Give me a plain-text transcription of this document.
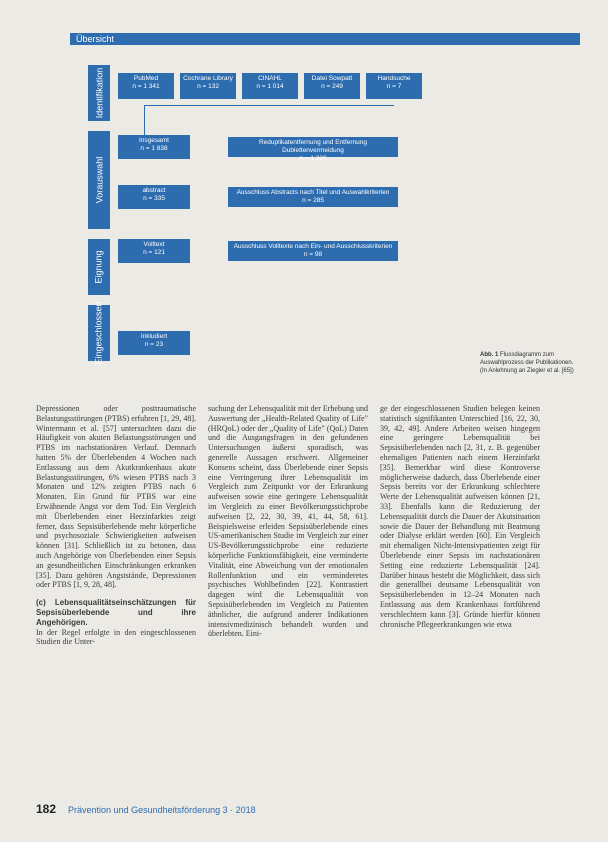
Übersicht
Identifikation
Vorauswahl
Eignung
Eingeschlossen
PubMed
n = 1 341
Cochrane Library
n = 132
CINAHL
n = 1 014
Datei Sowpatt
n = 249
Handsuche
n = 7
Insgesamt
n = 1 838
Reduplikatentfernung und Entfernung Dublettenvermeidung
n = 1 220
abstract
n = 335
Ausschluss Abstracts nach Titel und Auswahlkriterien
n = 285
Volltext
n = 121
Ausschluss Volltexte nach Ein- und Ausschlusskriterien
n = 98
Inkludiert
n = 23
Abb. 1 Flussdiagramm zum Auswahlprozess der Publikationen. (In Anlehnung an Ziegler et al. [65])

Depressionen oder posttraumatische Belastungsstörungen (PTBS) erfuhren [1, 29, 48]. Wintermann et al. [57] untersuchten dazu die Häufigkeit von akuten Belastungsstörungen und PTBS im nachstationären Verlauf. Demnach hatten 5% der Überlebenden 4 Wochen nach Entlassung aus dem Akutkrankenhaus akute Belastungsstörungen, 6% wiesen PTBS nach 3 Monaten und 12% zeigten PTBS nach 6 Monaten. Ein Grund für PTBS war eine Erwähnende Angst vor dem Tod. Ein Vergleich mit Überlebenden einer Herzinfarktes zeigt ferner, dass Sepsisüberlebende mehr körperliche und psychosoziale Schwierigkeiten aufweisen können [31]. Schließlich ist zu betonen, dass auch Angehörige von Überlebenden einer Sepsis an gesundheitlichen Einschränkungen erkranken [35]. Dazu gehören Angststände, Depressionen oder PTBS [1, 9, 28, 48].

(c) Lebensqualitätseinschätzungen für Sepsisüberlebende und ihre Angehörigen.

In der Regel erfolgte in den eingeschlossenen Studien die Unter-

suchung der Lebensqualität mit der Erhebung und Auswertung der „Health-Related Quality of Life" (HRQoL) oder der „Quality of Life" (QoL) Daten und die Ausgangsfragen in den gefundenen Untersuchungen äußerst sporadisch, was generelle Aussagen erschwert. Allgemeiner Konsens scheint, dass Überlebende einer Sepsis eine Verringerung ihrer Lebensqualität im Vergleich zum Zeitpunkt vor der Erkrankung aufweisen sowie eine geringere Lebensqualität im Vergleich zu einer Bevölkerungsstichprobe aufweisen [2, 22, 30, 39, 41, 44, 58, 61]. Beispielsweise erleiden Sepsisüberlebende eines US-amerikanischen Studie im Vergleich zur einer US-Bevölkerungsstichprobe eine reduzierte körperliche Funktionsfähigkeit, eine verminderte Vitalität, eine Abweichung von der emotionalen Rollenfunktion und ein verminderetes psychisches Wohlbefinden [22]. Kontrastiert dagegen wird die Lebensqualität von Sepsisüberlebenden im Vergleich zu Patienten äthnlicher, die aufgrund anderer Indikationen intensivmedizinisch behandelt wurden und überlebten. Eini-

ge der eingeschlossenen Studien belegen keinen statistisch signifikanten Unterschied [16, 22, 30, 39, 42, 49]. Andere Arbeiten weisen hingegen eine geringere Lebensqualität bei Sepsisüberlebenden nach [2, 31, z. B. gegenüber ehemaligen Patienten nach einem Herzinfarkt [35]. Bemerkbar wird diese Kontroverse möglicherweise dadurch, dass Überlebende einer Sepsis bereits vor der Erkrankung schlechtere Werte der Lebensqualität aufweisen können [21, 33]. Ebenfalls kann die Reduzierung der Lebensqualität durch die Dauer der Akutsituation sowie die Dauer der Behandlung mit Beatmung oder Dialyse erklärt werden [60]. Ein Vergleich mit ehemaligen Nicht-Intensivpatienten zeigt für Überlebende einer Sepsis im nachstationären Setting eine reduzierte Lebensqualität [24]. Darüber hinaus besteht die Möglichkeit, dass sich die generallbei deutsame Lebensqualität von Sepsisüberlebenden in 12–24 Monaten nach Entlassung aus dem Krankenhaus fortführend verschlechtern kann [3]. Gründe hierfür können chronische Pflegeerkrankungen wie etwa

182 Prävention und Gesundheitsförderung 3 · 2018
